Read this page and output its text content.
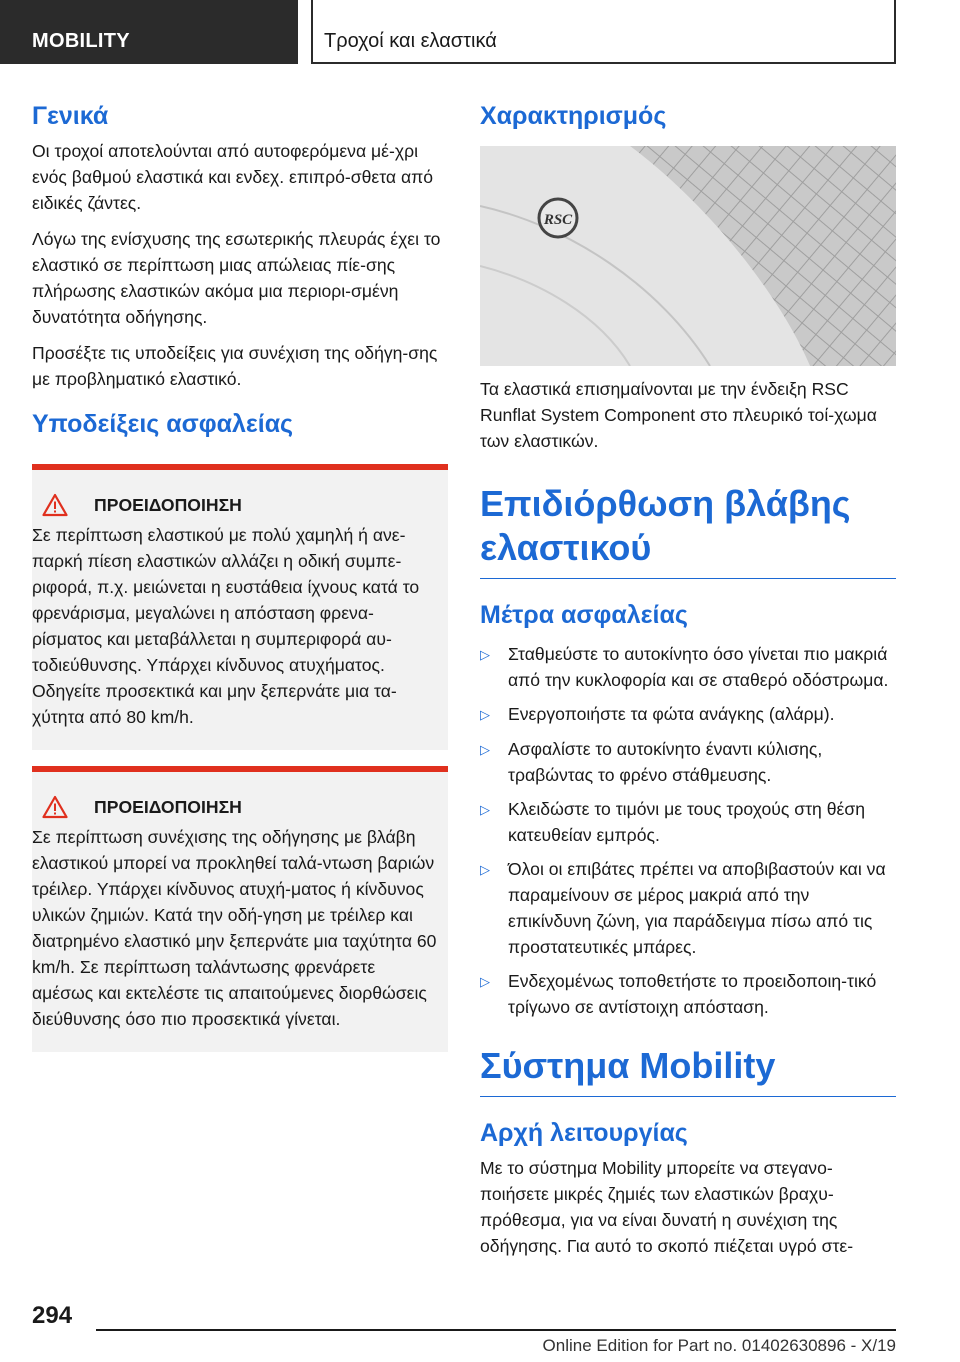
MOBILITY	Τροχοί και ελαστικά
Γενικά

Οι τροχοί αποτελούνται από αυτοφερόμενα μέ-χρι ενός βαθμού ελαστικά και ενδεχ. επιπρό-σθετα από ειδικές ζάντες.

Λόγω της ενίσχυσης της εσωτερικής πλευράς έχει το ελαστικό σε περίπτωση μιας απώλειας πίε-σης πλήρωσης ελαστικών ακόμα μια περιορι-σμένη δυνατότητα οδήγησης.

Προσέξτε τις υποδείξεις για συνέχιση της οδήγη-σης με προβληματικό ελαστικό.

Υποδείξεις ασφαλείας
ΠΡΟΕΙΔΟΠΟΙΗΣΗ
Σε περίπτωση ελαστικού με πολύ χαμηλή ή ανε-παρκή πίεση ελαστικών αλλάζει η οδική συμπε-ριφορά, π.χ. μειώνεται η ευστάθεια ίχνους κατά το φρενάρισμα, μεγαλώνει η απόσταση φρενα-ρίσματος και μεταβάλλεται η συμπεριφορά αυ-τοδιεύθυνσης. Υπάρχει κίνδυνος ατυχήματος. Οδηγείτε προσεκτικά και μην ξεπερνάτε μια τα-χύτητα από 80 km/h.
ΠΡΟΕΙΔΟΠΟΙΗΣΗ
Σε περίπτωση συνέχισης της οδήγησης με βλάβη ελαστικού μπορεί να προκληθεί ταλά-ντωση βαριών τρέιλερ. Υπάρχει κίνδυνος ατυχή-ματος ή κίνδυνος υλικών ζημιών. Κατά την οδή-γηση με τρέιλερ και διατρημένο ελαστικό μην ξεπερνάτε μια ταχύτητα 60 km/h. Σε περίπτωση ταλάντωσης φρενάρετε αμέσως και εκτελέστε τις απαιτούμενες διορθώσεις διεύθυνσης όσο πιο προσεκτικά γίνεται.
Χαρακτηρισμός
RSC

Τα ελαστικά επισημαίνονται με την ένδειξη RSC Runflat System Component στο πλευρικό τοί-χωμα των ελαστικών.

Επιδιόρθωση βλάβης ελαστικού
Μέτρα ασφαλείας
▷	Σταθμεύστε το αυτοκίνητο όσο γίνεται πιο μακριά από την κυκλοφορία και σε σταθερό οδόστρωμα.
▷	Ενεργοποιήστε τα φώτα ανάγκης (αλάρμ).
▷	Ασφαλίστε το αυτοκίνητο έναντι κύλισης, τραβώντας το φρένο στάθμευσης.
▷	Κλειδώστε το τιμόνι με τους τροχούς στη θέση κατευθείαν εμπρός.
▷	Όλοι οι επιβάτες πρέπει να αποβιβαστούν και να παραμείνουν σε μέρος μακριά από την επικίνδυνη ζώνη, για παράδειγμα πίσω από τις προστατευτικές μπάρες.
▷	Ενδεχομένως τοποθετήστε το προειδοποιη-τικό τρίγωνο σε αντίστοιχη απόσταση.
Σύστημα Mobility
Αρχή λειτουργίας

Με το σύστημα Mobility μπορείτε να στεγανο-ποιήσετε μικρές ζημιές των ελαστικών βραχυ-πρόθεσμα, για να είναι δυνατή η συνέχιση της οδήγησης. Για αυτό το σκοπό πιέζεται υγρό στε-

294
Online Edition for Part no. 01402630896 - X/19
